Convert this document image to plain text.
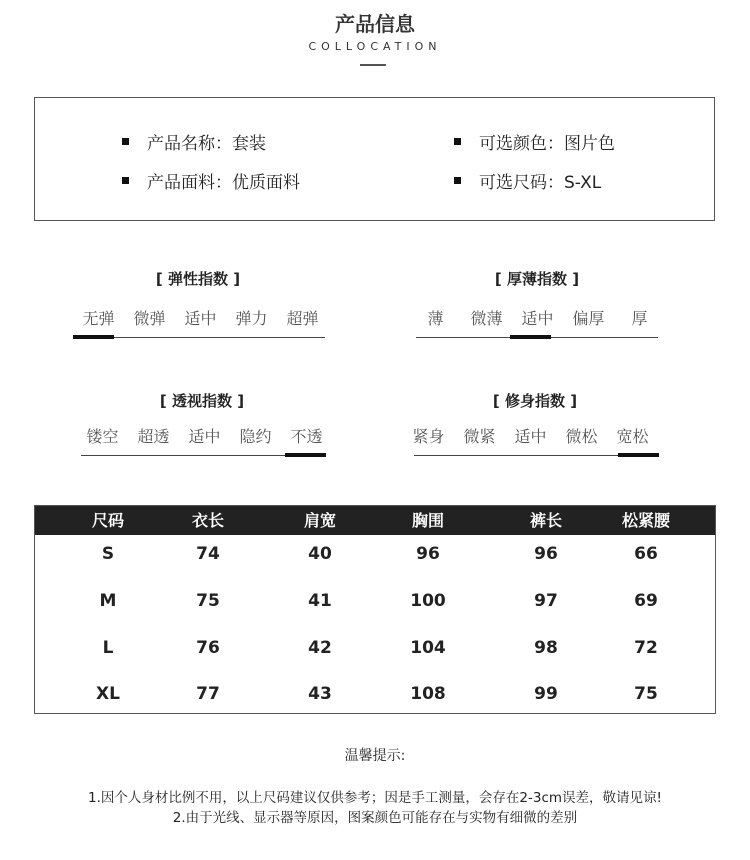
产品信息
COLLOCATION
产品名称：套装	可选颜色：图片色
产品面料：优质面料	可选尺码：S-XL
[ 弹性指数 ]
无弹	微弹	适中	弹力	超弹
[ 厚薄指数 ]
薄	微薄	适中	偏厚	厚
[ 透视指数 ]
镂空	超透	适中	隐约	不透
[ 修身指数 ]
紧身	微紧	适中	微松	宽松
尺码	衣长	肩宽	胸围	裤长	松紧腰
S	74	40	96	96	66
M	75	41	100	97	69
L	76	42	104	98	72
XL	77	43	108	99	75
温馨提示:
1.因个人身材比例不用，以上尺码建议仅供参考；因是手工测量，会存在2-3cm误差，敬请见谅!
2.由于光线、显示器等原因，图案颜色可能存在与实物有细微的差别
